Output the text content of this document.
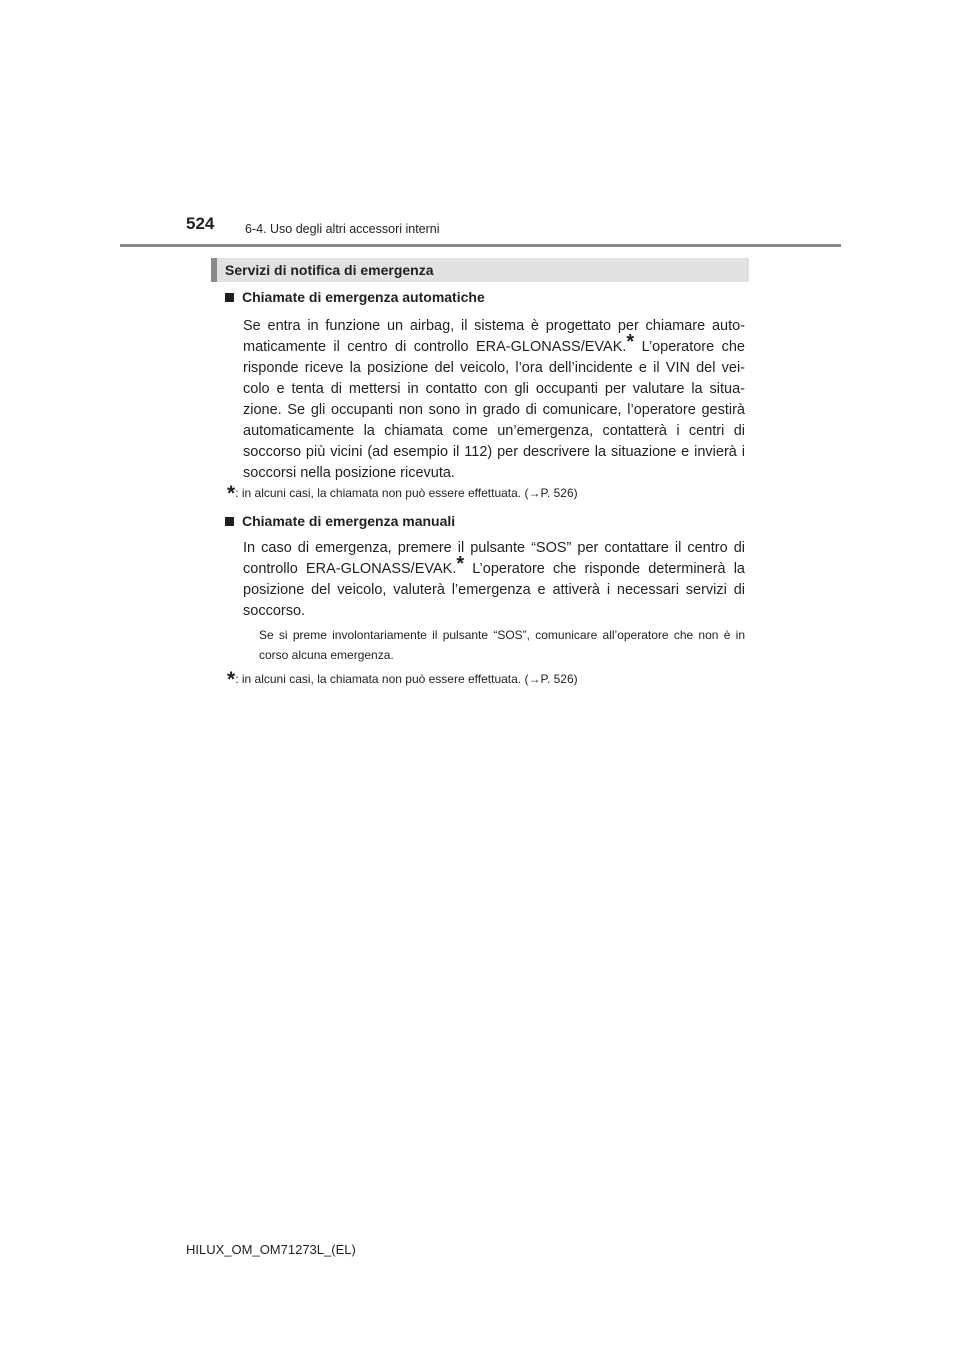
524 6-4. Uso degli altri accessori interni
Servizi di notifica di emergenza
Chiamate di emergenza automatiche

Se entra in funzione un airbag, il sistema è progettato per chiamare auto-maticamente il centro di controllo ERA-GLONASS/EVAK.* L’operatore che risponde riceve la posizione del veicolo, l’ora dell’incidente e il VIN del vei-colo e tenta di mettersi in contatto con gli occupanti per valutare la situa-zione. Se gli occupanti non sono in grado di comunicare, l’operatore gestirà automaticamente la chiamata come un’emergenza, contatterà i centri di soccorso più vicini (ad esempio il 112) per descrivere la situazione e invierà i soccorsi nella posizione ricevuta.

* : in alcuni casi, la chiamata non può essere effettuata. ( → P. 526)
Chiamate di emergenza manuali

In caso di emergenza, premere il pulsante “SOS” per contattare il centro di controllo ERA-GLONASS/EVAK.* L’operatore che risponde determinerà la posizione del veicolo, valuterà l’emergenza e attiverà i necessari servizi di soccorso.

Se si preme involontariamente il pulsante “SOS”, comunicare all’operatore che non è in corso alcuna emergenza.

* : in alcuni casi, la chiamata non può essere effettuata. ( → P. 526)
HILUX_OM_OM71273L_(EL)
